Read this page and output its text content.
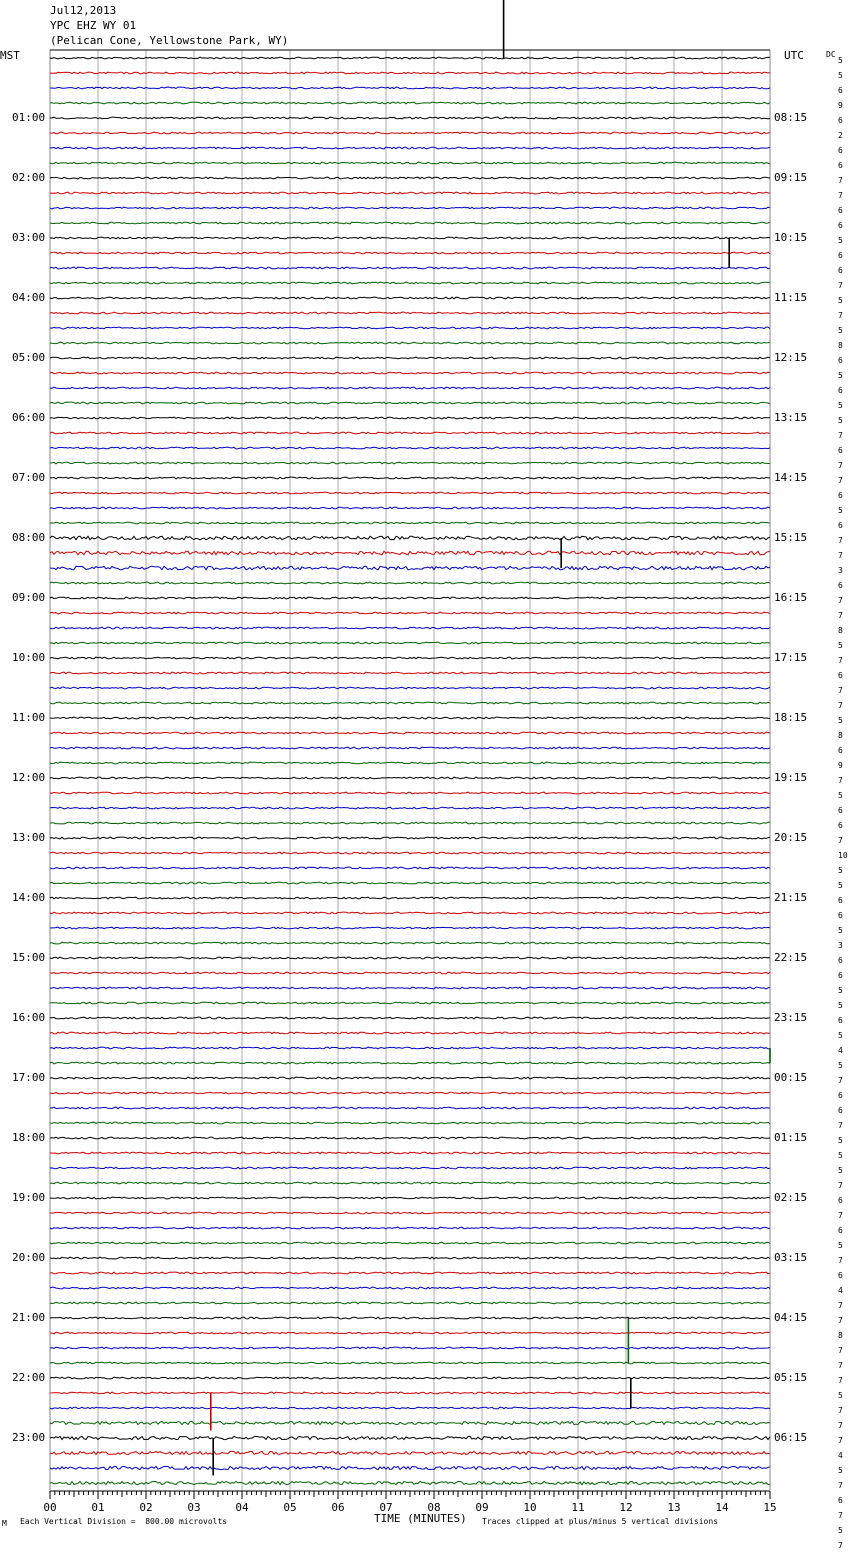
00	01	02	03	04	05	06	07	08	09	10	11	12	13	14	15
Jul12,2013
YPC EHZ WY 01
(Pelican Cone, Yellowstone Park, WY)
MST	UTC	DC
01:00	08:15
02:00	09:15
03:00	10:15
04:00	11:15
05:00	12:15
06:00	13:15
07:00	14:15
08:00	15:15
09:00	16:15
10:00	17:15
11:00	18:15
12:00	19:15
13:00	20:15
14:00	21:15
15:00	22:15
16:00	23:15
17:00	00:15
18:00	01:15
19:00	02:15
20:00	03:15
21:00	04:15
22:00	05:15
23:00	06:15
5
5
6
9
6
2
6
6
7
7
6
6
5
6
6
7
5
7
5
8
6
5
6
5
5
7
6
7
7
6
5
6
7
7
3
6
7
7
8
5
7
6
7
7
5
8
6
9
7
5
6
6
7
10
5
5
6
6
5
3
6
6
5
5
6
5
4
5
7
6
6
7
5
5
5
7
6
7
6
5
7
6
4
7
7
8
7
7
7
5
7
7
7
4
5
7
6
7
5
7
TIME (MINUTES)
Each Vertical Division =  800.00 microvolts	Traces clipped at plus/minus 5 vertical divisions
M
